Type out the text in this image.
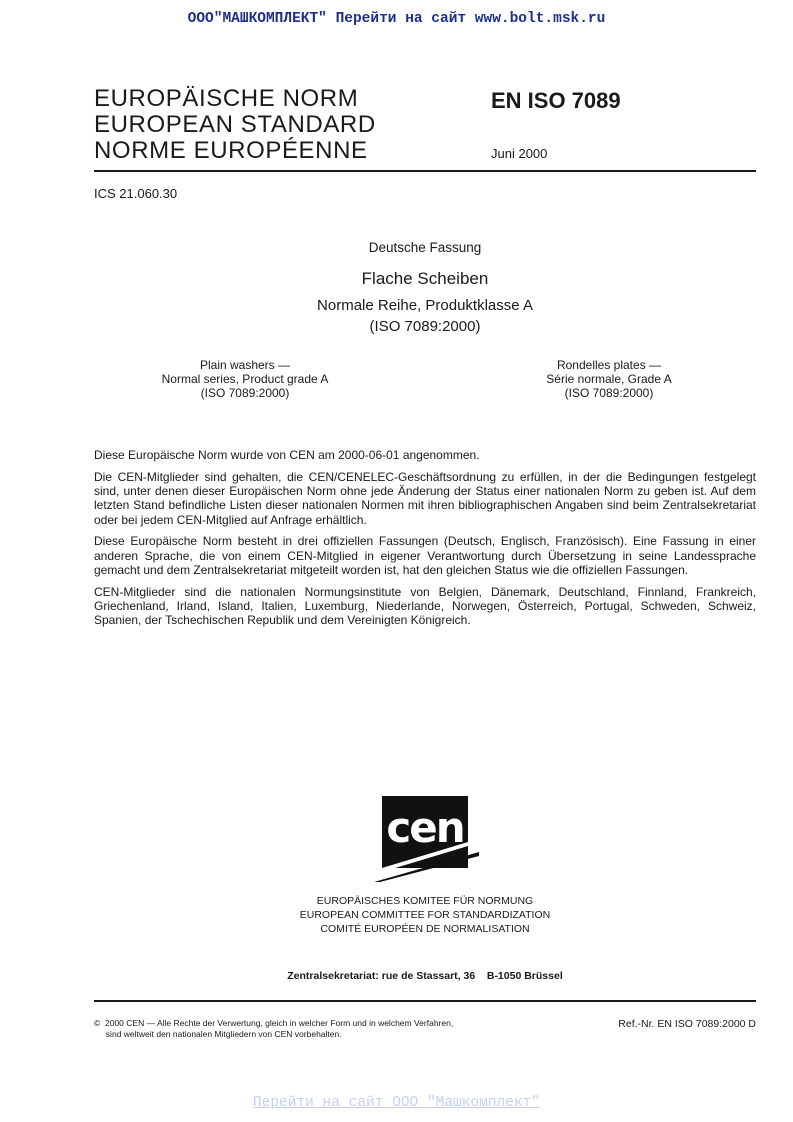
ООО"МАШКОМПЛЕКТ" Перейти на сайт www.bolt.msk.ru
EUROPÄISCHE NORM
EUROPEAN STANDARD
NORME EUROPÉENNE
EN ISO 7089
Juni 2000
ICS 21.060.30
Deutsche Fassung
Flache Scheiben
Normale Reihe, Produktklasse A
(ISO 7089:2000)
Plain washers —
Normal series, Product grade A
(ISO 7089:2000)
Rondelles plates —
Série normale, Grade A
(ISO 7089:2000)

Diese Europäische Norm wurde von CEN am 2000-06-01 angenommen.

Die CEN-Mitglieder sind gehalten, die CEN/CENELEC-Geschäftsordnung zu erfüllen, in der die Bedingungen festgelegt sind, unter denen dieser Europäischen Norm ohne jede Änderung der Status einer nationalen Norm zu geben ist. Auf dem letzten Stand befindliche Listen dieser nationalen Normen mit ihren bibliographischen Angaben sind beim Zentralsekretariat oder bei jedem CEN-Mitglied auf Anfrage erhältlich.

Diese Europäische Norm besteht in drei offiziellen Fassungen (Deutsch, Englisch, Französisch). Eine Fassung in einer anderen Sprache, die von einem CEN-Mitglied in eigener Verantwortung durch Übersetzung in seine Landessprache gemacht und dem Zentralsekretariat mitgeteilt worden ist, hat den gleichen Status wie die offiziellen Fassungen.

CEN-Mitglieder sind die nationalen Normungsinstitute von Belgien, Dänemark, Deutschland, Finnland, Frankreich, Griechenland, Irland, Island, Italien, Luxemburg, Niederlande, Norwegen, Österreich, Portugal, Schweden, Schweiz, Spanien, der Tschechischen Republik und dem Vereinigten Königreich.

cen
EUROPÄISCHES KOMITEE FÜR NORMUNG
EUROPEAN COMMITTEE FOR STANDARDIZATION
COMITÉ EUROPÉEN DE NORMALISATION
Zentralsekretariat: rue de Stassart, 36    B-1050 Brüssel
©  2000 CEN — Alle Rechte der Verwertung, gleich in welcher Form und in welchem Verfahren,
sind weltweit den nationalen Mitgliedern von CEN vorbehalten.
Ref.-Nr. EN ISO 7089:2000 D
Перейти на сайт ООО "Машкомплект"
